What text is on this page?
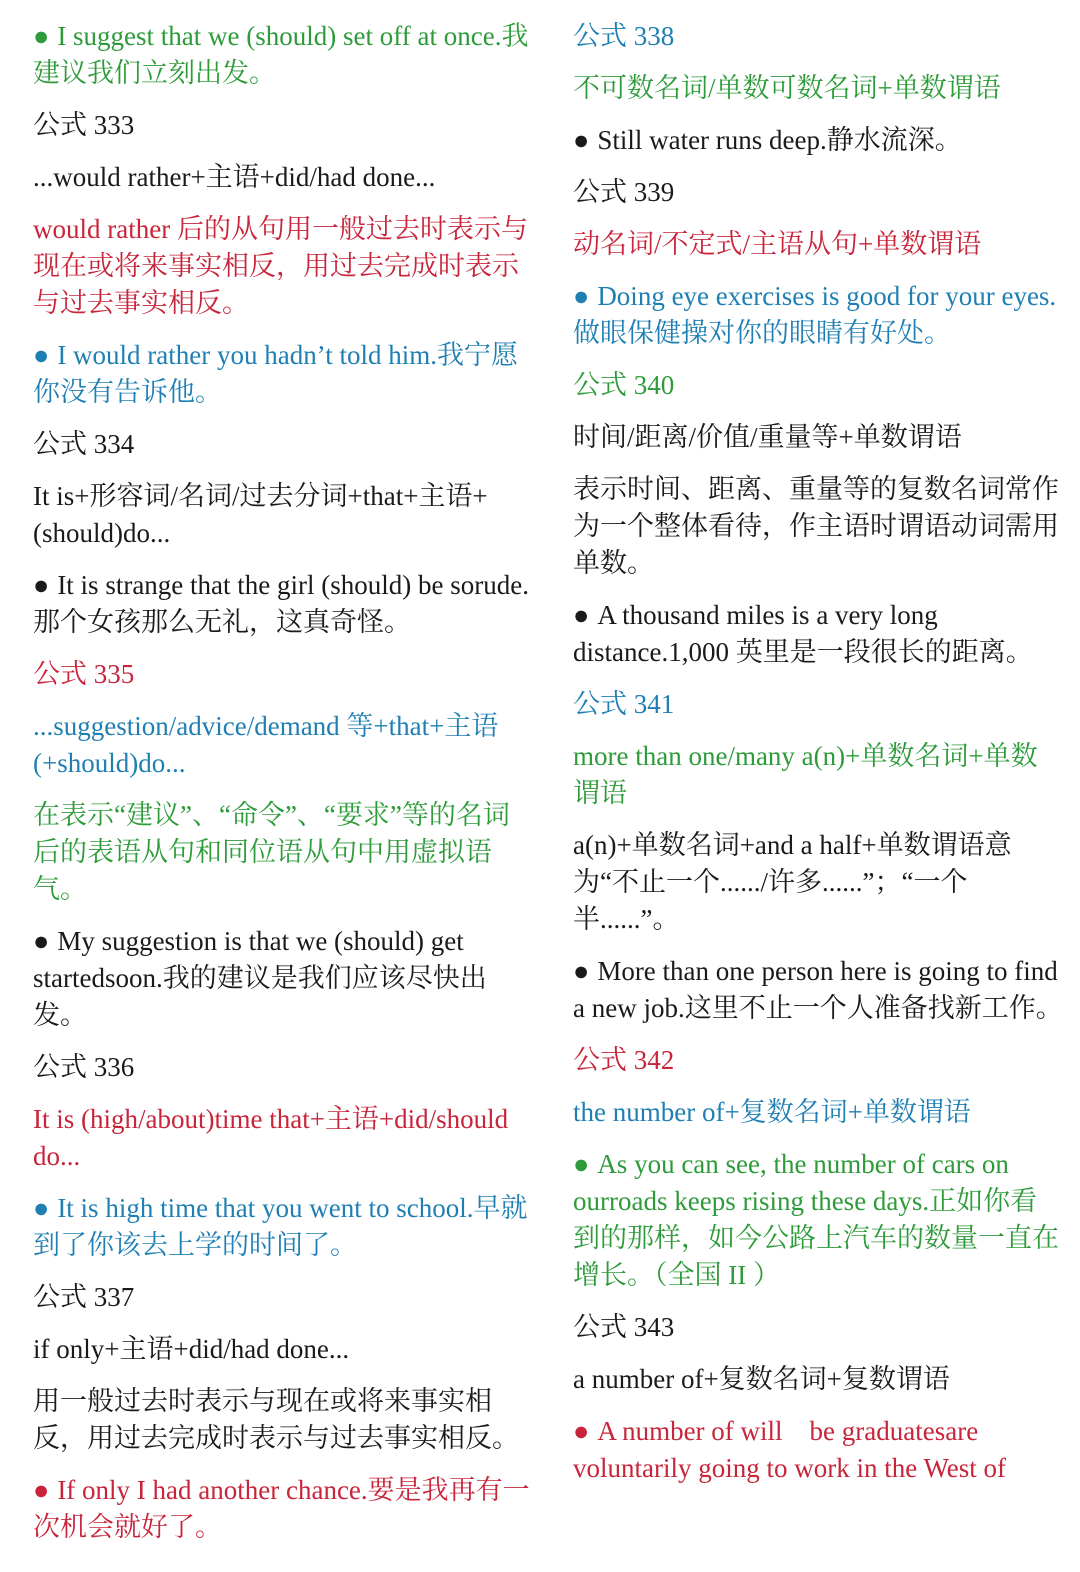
● I suggest that we (should) set off at once.我建议我们立刻出发。
公式 333
...would rather+主语+did/had done...
would rather 后的从句用一般过去时表示与现在或将来事实相反，用过去完成时表示与过去事实相反。
● I would rather you hadn’t told him.我宁愿你没有告诉他。
公式 334
It is+形容词/名词/过去分词+that+主语+(should)do...
● It is strange that the girl (should) be sorude.那个女孩那么无礼，这真奇怪。
公式 335
...suggestion/advice/demand 等+that+主语(+should)do...
在表示“建议”、“命令”、“要求”等的名词后的表语从句和同位语从句中用虚拟语气。
● My suggestion is that we (should) get startedsoon.我的建议是我们应该尽快出发。
公式 336
It is (high/about)time that+主语+did/should do...
● It is high time that you went to school.早就到了你该去上学的时间了。
公式 337
if only+主语+did/had done...
用一般过去时表示与现在或将来事实相反，用过去完成时表示与过去事实相反。
● If only I had another chance.要是我再有一次机会就好了。
公式 338
不可数名词/单数可数名词+单数谓语
● Still water runs deep.静水流深。
公式 339
动名词/不定式/主语从句+单数谓语
● Doing eye exercises is good for your eyes.做眼保健操对你的眼睛有好处。
公式 340
时间/距离/价值/重量等+单数谓语
表示时间、距离、重量等的复数名词常作为一个整体看待，作主语时谓语动词需用单数。
● A thousand miles is a very long distance.1,000 英里是一段很长的距离。
公式 341
more than one/many a(n)+单数名词+单数谓语
a(n)+单数名词+and a half+单数谓语意为“不止一个....../许多......”；“一个半......”。
● More than one person here is going to find a new job.这里不止一个人准备找新工作。
公式 342
the number of+复数名词+单数谓语
● As you can see, the number of cars on ourroads keeps rising these days.正如你看到的那样，如今公路上汽车的数量一直在增长。（全国 II ）
公式 343
a number of+复数名词+复数谓语
● A number of will　be graduatesare voluntarily going to work in the West of
